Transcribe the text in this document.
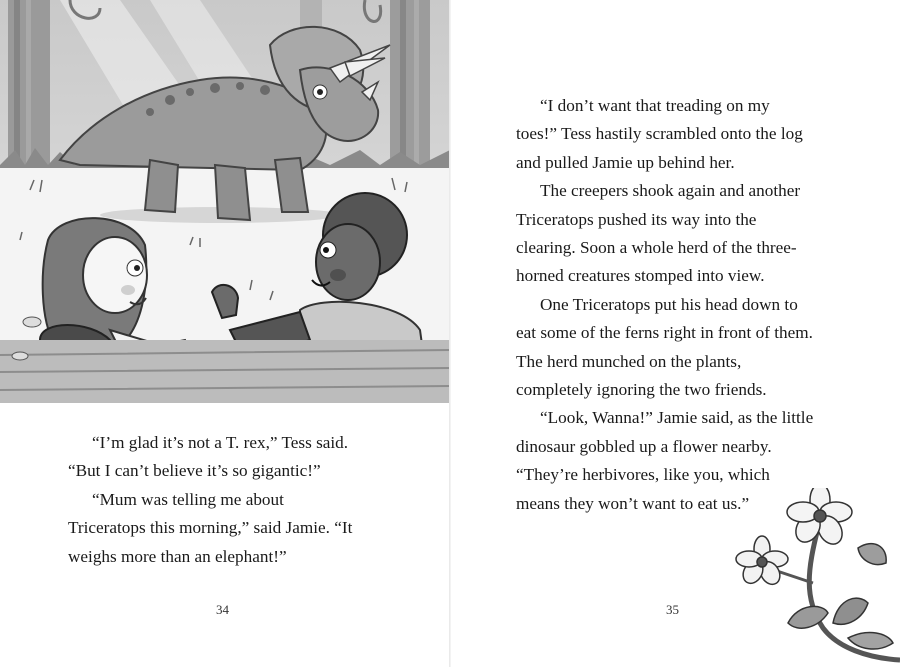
“I’m glad it’s not a T. rex,” Tess said.
“But I can’t believe it’s so gigantic!”
“Mum was telling me about
Triceratops this morning,” said Jamie. “It
weighs more than an elephant!”
34
“I don’t want that treading on my
toes!” Tess hastily scrambled onto the log
and pulled Jamie up behind her.
The creepers shook again and another
Triceratops pushed its way into the
clearing. Soon a whole herd of the three-
horned creatures stomped into view.
One Triceratops put his head down to
eat some of the ferns right in front of them.
The herd munched on the plants,
completely ignoring the two friends.
“Look, Wanna!” Jamie said, as the little
dinosaur gobbled up a flower nearby.
“They’re herbivores, like you, which
means they won’t want to eat us.”
35
